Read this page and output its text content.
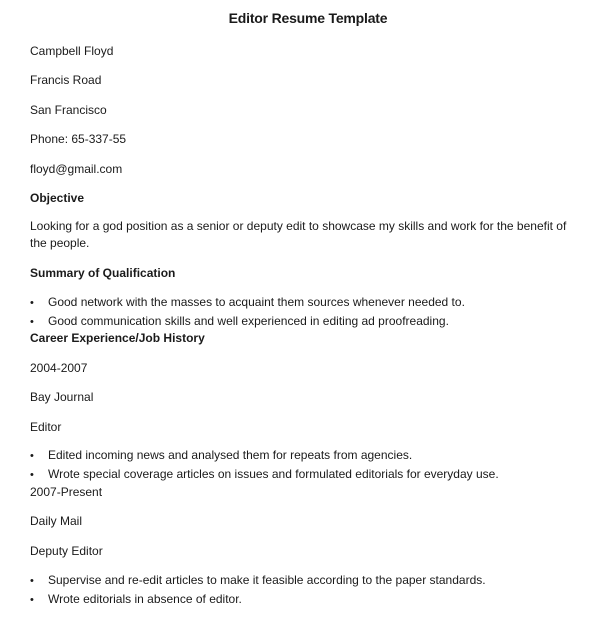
Editor Resume Template
Campbell Floyd
Francis Road
San Francisco
Phone: 65-337-55
floyd@gmail.com
Objective
Looking for a god position as a senior or deputy edit to showcase my skills and work for the benefit of the people.
Summary of Qualification
• Good network with the masses to acquaint them sources whenever needed to.
• Good communication skills and well experienced in editing ad proofreading.
Career Experience/Job History
2004-2007
Bay Journal
Editor
• Edited incoming news and analysed them for repeats from agencies.
• Wrote special coverage articles on issues and formulated editorials for everyday use.
2007-Present
Daily Mail
Deputy Editor
• Supervise and re-edit articles to make it feasible according to the paper standards.
• Wrote editorials in absence of editor.
